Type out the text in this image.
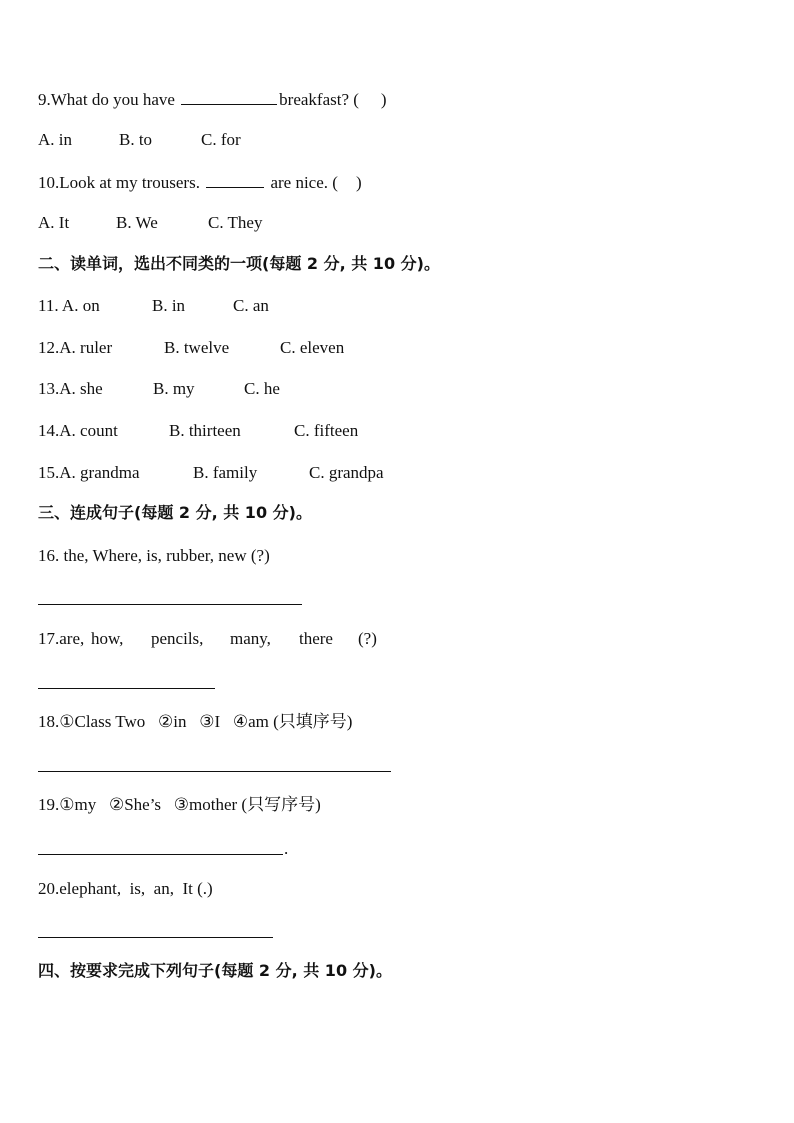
9.What do you have	breakfast? ( )
A. in	B. to	C. for
10.Look at my trousers.	are nice. ( )
A. It	B. We	C. They
二、读单词，选出不同类的一项(每题 2 分, 共 10 分)。
11. A. on	B. in	C. an
12.A. ruler	B. twelve	C. eleven
13.A. she	B. my	C. he
14.A. count	B. thirteen	C. fifteen
15.A. grandma	B. family	C. grandpa
三、连成句子(每题 2 分, 共 10 分)。
16. the, Where, is, rubber, new (?)
17.are, how, pencils, many, there (?)
18.①Class Two   ②in   ③I   ④am (只填序号)
19.①my   ②She’s   ③mother (只写序号)
.
20.elephant,  is,  an,  It (.)
四、按要求完成下列句子(每题 2 分, 共 10 分)。
